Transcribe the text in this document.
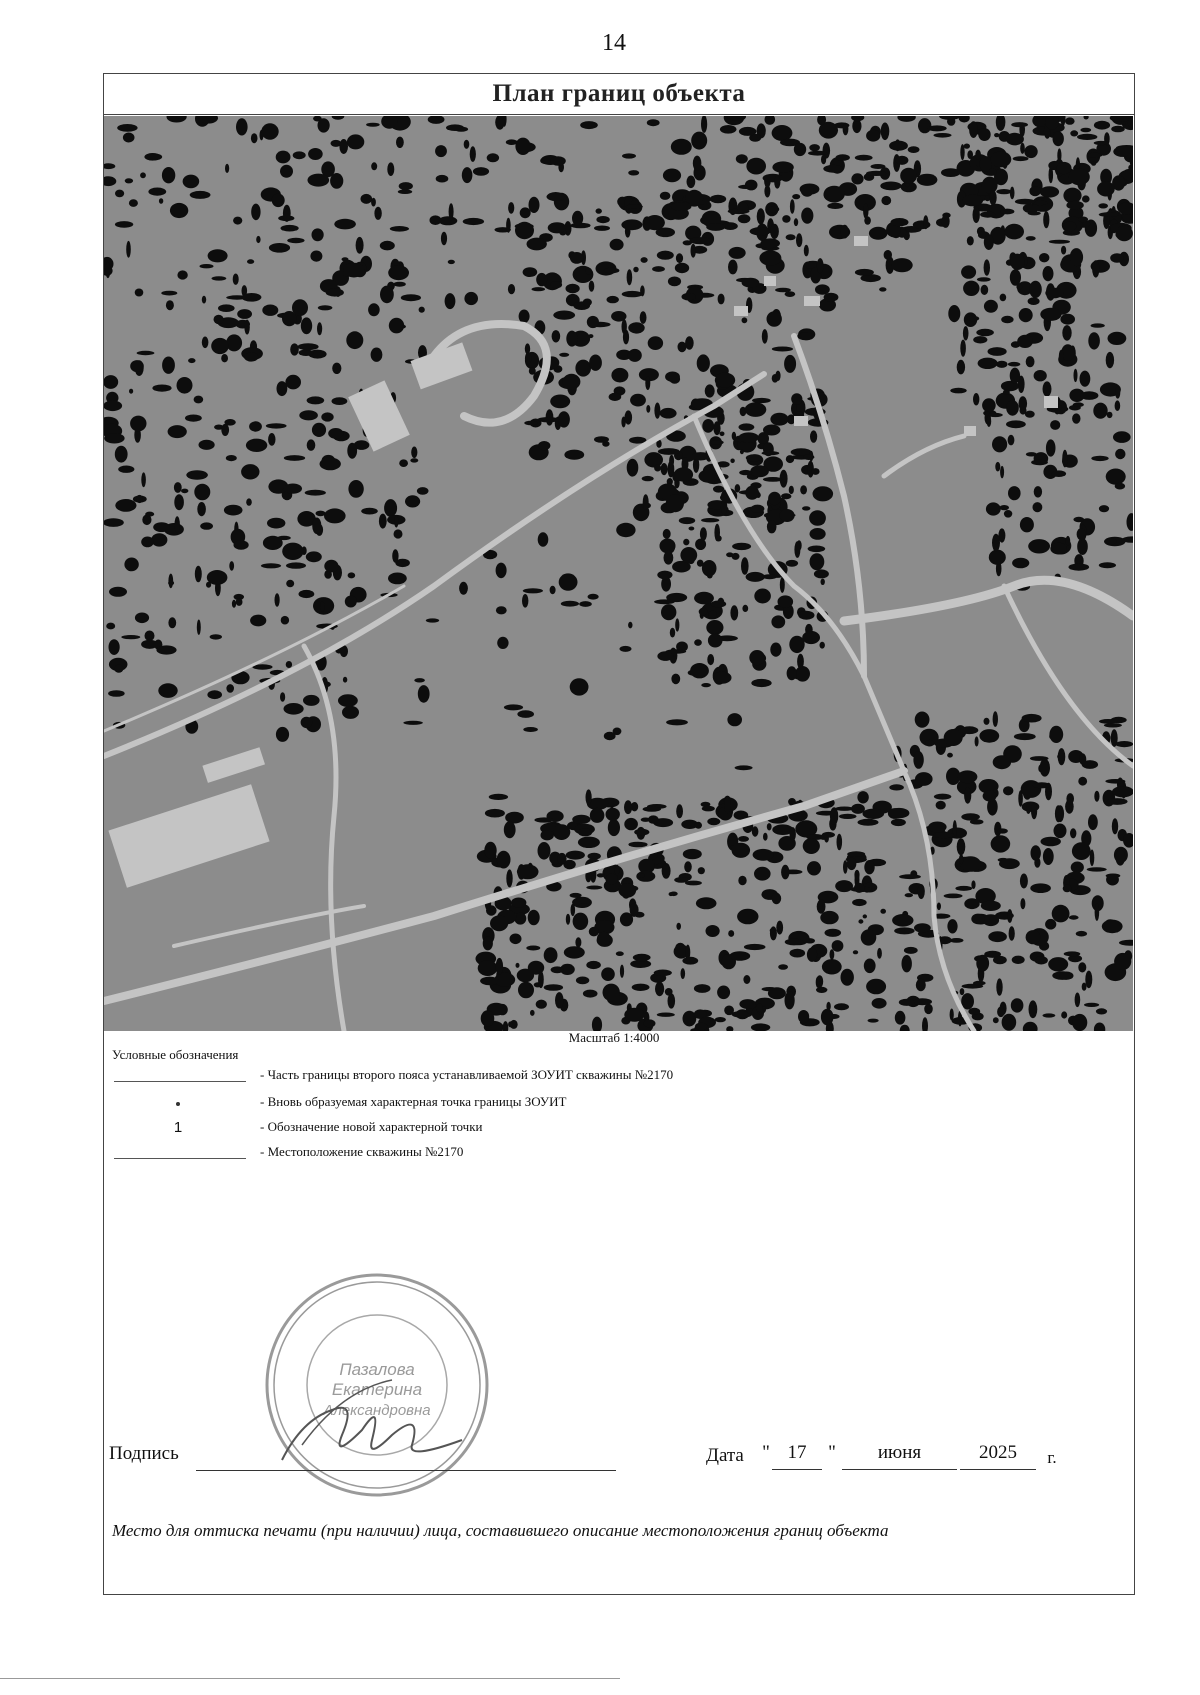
14
План границ объекта
Масштаб 1:4000
Условные обозначения
- Часть границы второго пояса устанавливаемой ЗОУИТ скважины №2170
- Вновь образуемая характерная точка границы ЗОУИТ
1	- Обозначение новой характерной точки
- Местоположение скважины №2170
Пазалова
Екатерина
Александровна
Подпись	Дата " 17	"	июня	2025	г.
Место для оттиска печати (при наличии) лица, составившего описание местоположения границ объекта
